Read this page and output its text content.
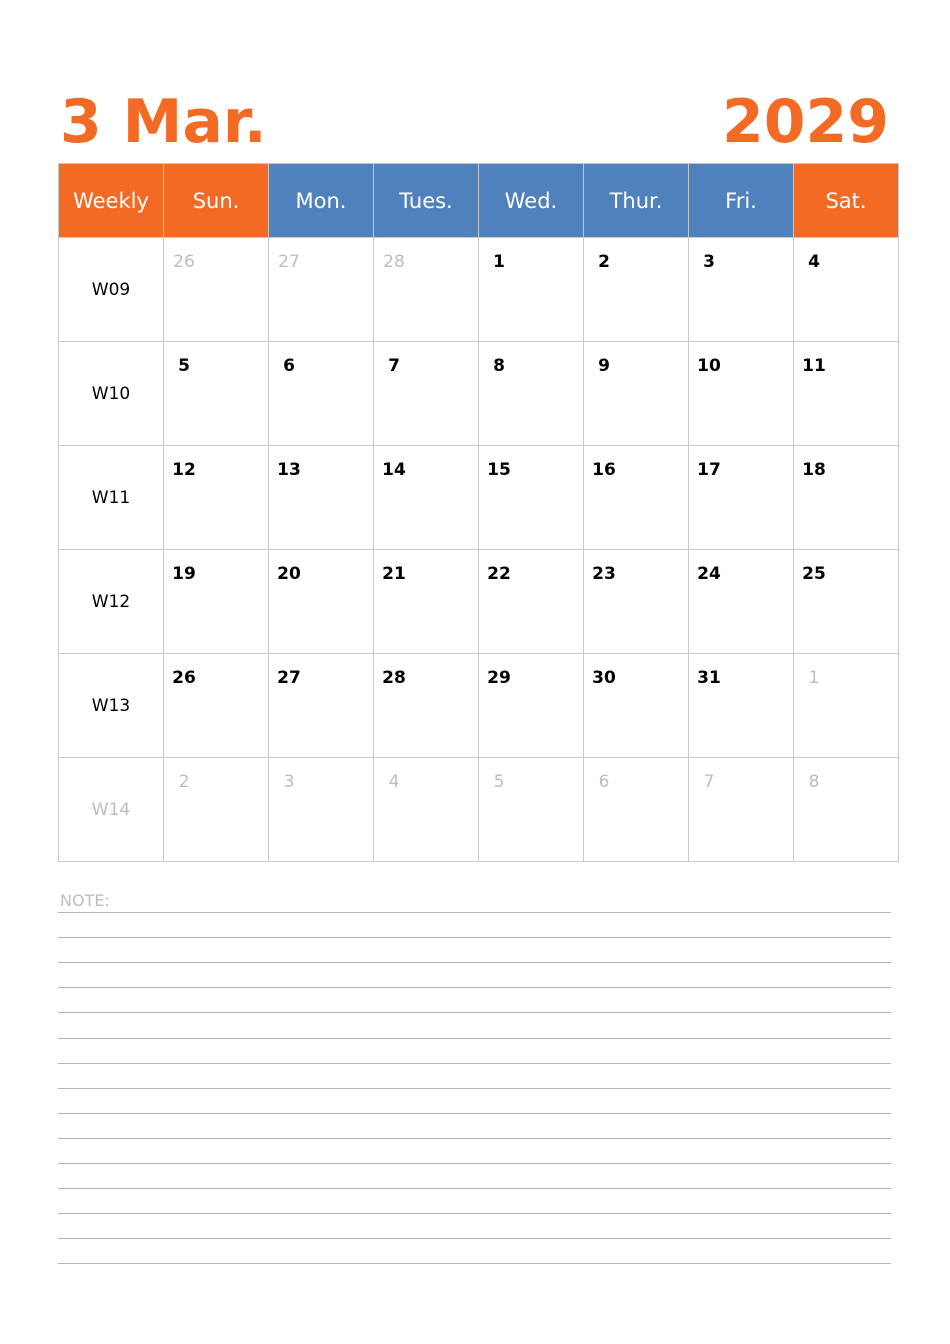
3 Mar.	2029
Weekly	Sun.	Mon.	Tues.	Wed.	Thur.	Fri.	Sat.
W09	26	27	28	1	2	3	4

W10	5	6	7	8	9	10	11

W11	12	13	14	15	16	17	18

W12	19	20	21	22	23	24	25

W13	26	27	28	29	30	31	1

W14	2	3	4	5	6	7	8
NOTE:
